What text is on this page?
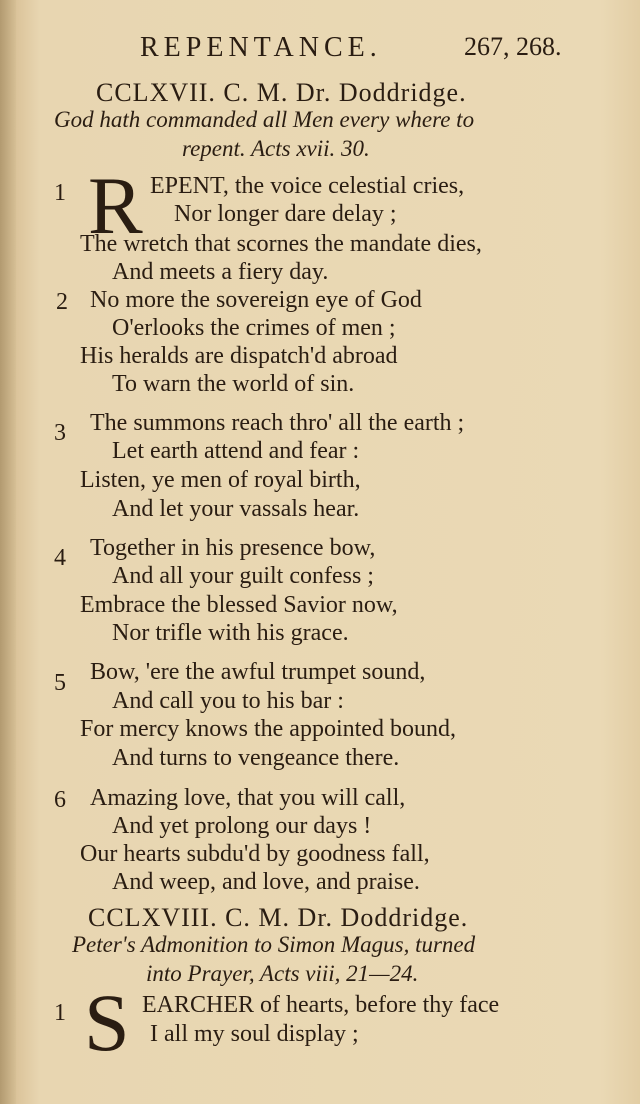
REPENTANCE.	267, 268.
CCLXVII. C. M. Dr. Doddridge.
God hath commanded all Men every where to
repent. Acts xvii. 30.
1 R EPENT, the voice celestial cries,
Nor longer dare delay ;
The wretch that scornes the mandate dies,
And meets a fiery day.
2 No more the sovereign eye of God
O'erlooks the crimes of men ;
His heralds are dispatch'd abroad
To warn the world of sin.
3 The summons reach thro' all the earth ;
Let earth attend and fear :
Listen, ye men of royal birth,
And let your vassals hear.
4 Together in his presence bow,
And all your guilt confess ;
Embrace the blessed Savior now,
Nor trifle with his grace.
5 Bow, 'ere the awful trumpet sound,
And call you to his bar :
For mercy knows the appointed bound,
And turns to vengeance there.
6 Amazing love, that you will call,
And yet prolong our days !
Our hearts subdu'd by goodness fall,
And weep, and love, and praise.
CCLXVIII. C. M. Dr. Doddridge.
Peter's Admonition to Simon Magus, turned
into Prayer, Acts viii, 21—24.
1 S EARCHER of hearts, before thy face
I all my soul display ;
